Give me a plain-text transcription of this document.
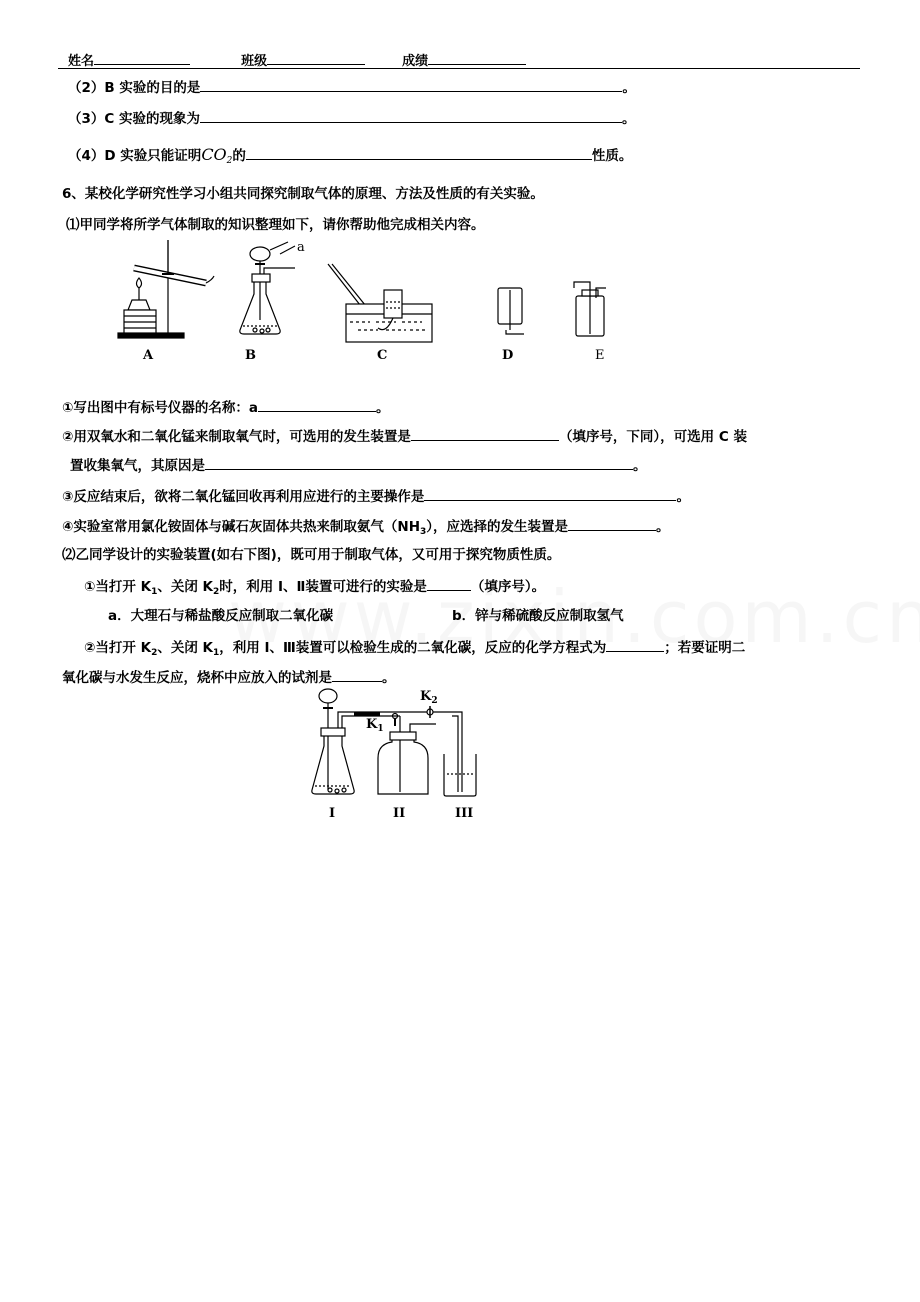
姓名	班级	成绩
（2）B 实验的目的是	。
（3）C 实验的现象为	。
（4）D 实验只能证明$CO_2$的	性质。
6、某校化学研究性学习小组共同探究制取气体的原理、方法及性质的有关实验。
⑴甲同学将所学气体制取的知识整理如下，请你帮助他完成相关内容。
a
A	B	C	D	E
①写出图中有标号仪器的名称：a	。
②用双氧水和二氧化锰来制取氧气时，可选用的发生装置是	（填序号，下同），可选用 C 装
置收集氧气，其原因是	。
③反应结束后，欲将二氧化锰回收再利用应进行的主要操作是	。
④实验室常用氯化铵固体与碱石灰固体共热来制取氨气$(NH_3)$，应选择的发生装置是	。
⑵乙同学设计的实验装置(如右下图)，既可用于制取气体，又可用于探究物质性质。
①当打开 $K_1$、关闭 $K_2$时，利用 Ⅰ、Ⅱ装置可进行的实验是	（填序号）。
a．大理石与稀盐酸反应制取二氧化碳	b．锌与稀硫酸反应制取氢气
②当打开 $K_2$、关闭 $K_1$，利用 Ⅰ、Ⅲ装置可以检验生成的二氧化碳，反应的化学方程式为	；若要证明二
氧化碳与水发生反应，烧杯中应放入的试剂是	。
$K_2$
$K_1$
I	II	III
